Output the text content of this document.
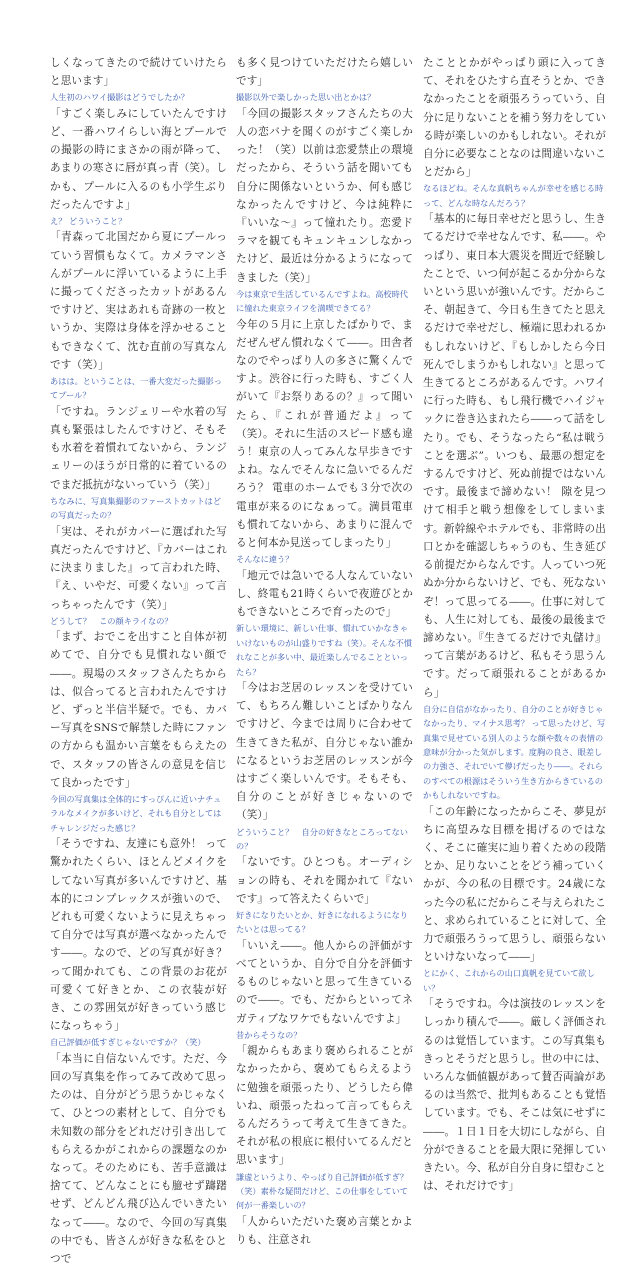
しくなってきたので続けていけたらと思います」

人生初のハワイ撮影はどうでしたか？

「すごく楽しみにしていたんですけど、一番ハワイらしい海とプールでの撮影の時にまさかの雨が降って、あまりの寒さに唇が真っ青（笑）。しかも、プールに入るのも小学生ぶりだったんですよ」

え？ どういうこと？

「青森って北国だから夏にプールっていう習慣もなくて。カメラマンさんがプールに浮いているように上手に撮ってくださったカットがあるんですけど、実はあれも奇跡の一枚というか、実際は身体を浮かせることもできなくて、沈む直前の写真なんです（笑）」

あはは。ということは、一番大変だった撮影ってプール？

「ですね。ランジェリーや水着の写真も緊張はしたんですけど、そもそも水着を着慣れてないから、ランジェリーのほうが日常的に着ているのでまだ抵抗がないっていう（笑）」

ちなみに、写真集撮影のファーストカットはどの写真だったの？

「実は、それがカバーに選ばれた写真だったんですけど、『カバーはこれに決まりました』って言われた時、『え、いやだ、可愛くない』って言っちゃったんです（笑）」

どうして？　この顔キライなの？

「まず、おでこを出すこと自体が初めてで、自分でも見慣れない顔で――。現場のスタッフさんたちからは、似合ってると言われたんですけど、ずっと半信半疑で。でも、カバー写真をSNSで解禁した時にファンの方からも温かい言葉をもらえたので、スタッフの皆さんの意見を信じて良かったです」

今回の写真集は全体的にすっぴんに近いナチュラルなメイクが多いけど、それも自分としてはチャレンジだった感じ？

「そうですね、友達にも意外！ って驚かれたくらい、ほとんどメイクをしてない写真が多いんですけど、基本的にコンプレックスが強いので、どれも可愛くないように見えちゃって自分では写真が選べなかったんです――。なので、どの写真が好き？ って聞かれても、この背景のお花が可愛くて好きとか、この衣装が好き、この雰囲気が好きっていう感じになっちゃう」

自己評価が低すぎじゃないですか？（笑）

「本当に自信ないんです。ただ、今回の写真集を作ってみて改めて思ったのは、自分がどう思うかじゃなくて、ひとつの素材として、自分でも未知数の部分をどれだけ引き出してもらえるかがこれからの課題なのかなって。そのためにも、苦手意識は捨てて、どんなことにも臆せず躊躇せず、どんどん飛び込んでいきたいなって――。なので、今回の写真集の中でも、皆さんが好きな私をひとつで

も多く見つけていただけたら嬉しいです」

撮影以外で楽しかった思い出とかは？

「今回の撮影スタッフさんたちの大人の恋バナを聞くのがすごく楽しかった！（笑）以前は恋愛禁止の環境だったから、そういう話を聞いても自分に関係ないというか、何も感じなかったんですけど、今は純粋に『いいな～』って憧れたり。恋愛ドラマを観てもキュンキュンしなかったけど、最近は分かるようになってきました（笑）」

今は東京で生活しているんですよね。高校時代に憧れた東京ライフを満喫できてる？

今年の５月に上京したばかりで、まだぜんぜん慣れなくて――。田舎者なのでやっぱり人の多さに驚くんですよ。渋谷に行った時も、すごく人がいて『お祭りあるの？』って聞いたら、『これが普通だよ』って（笑）。それに生活のスピード感も違う！東京の人ってみんな早歩きですよね。なんでそんなに急いでるんだろう？ 電車のホームでも３分で次の電車が来るのになぁって。満員電車も慣れてないから、あまりに混んでると何本か見送ってしまったり」

そんなに違う？

「地元では急いでる人なんていないし、終電も21時くらいで夜遊びとかもできないところで育ったので」

新しい環境に、新しい仕事、慣れていかなきゃいけないものが山盛りですね（笑）。そんな不慣れなことが多い中、最近楽しんでることといったら？

「今はお芝居のレッスンを受けていて、もちろん難しいことばかりなんですけど、今までは周りに合わせて生きてきた私が、自分じゃない誰かになるというお芝居のレッスンが今はすごく楽しいんです。そもそも、自分のことが好きじゃないので（笑）」

どういうこと？　自分の好きなところってないの？

「ないです。ひとつも。オーディションの時も、それを聞かれて『ないです』って答えたくらいで」

好きになりたいとか、好きになれるようになりたいとは思ってる？

「いいえ――。他人からの評価がすべてというか、自分で自分を評価するものじゃないと思って生きているので――。でも、だからといってネガティブなワケでもないんですよ」

昔からそうなの？

「親からもあまり褒められることがなかったから、褒めてもらえるように勉強を頑張ったり、どうしたら偉いね、頑張ったねって言ってもらえるんだろうって考えて生きてきた。それが私の根底に根付いてるんだと思います」

謙虚というより、やっぱり自己評価が低すぎ？（笑）素朴な疑問だけど、この仕事をしていて何が一番楽しいの？

「人からいただいた褒め言葉とかよりも、注意され

たこととかがやっぱり頭に入ってきて、それをひたすら直そうとか、できなかったことを頑張ろうっていう、自分に足りないことを補う努力をしている時が楽しいのかもしれない。それが自分に必要なことなのは間違いないことだから」

なるほどね。そんな真帆ちゃんが幸せを感じる時って、どんな時なんだろう？

「基本的に毎日幸せだと思うし、生きてるだけで幸せなんです、私――。やっぱり、東日本大震災を間近で経験したことで、いつ何が起こるか分からないという思いが強いんです。だからこそ、朝起きて、今日も生きてたと思えるだけで幸せだし、極端に思われるかもしれないけど、『もしかしたら今日死んでしまうかもしれない』と思って生きてるところがあるんです。ハワイに行った時も、もし飛行機でハイジャックに巻き込まれたら――って話をしたり。でも、そうなったら“私は戦うことを選ぶ”。いつも、最悪の想定をするんですけど、死ぬ前提ではないんです。最後まで諦めない！ 隙を見つけて相手と戦う想像をしてしまいます。新幹線やホテルでも、非常時の出口とかを確認しちゃうのも、生き延びる前提だからなんです。人っていつ死ぬか分からないけど、でも、死なないぞ！って思ってる――。仕事に対しても、人生に対しても、最後の最後まで諦めない。『生きてるだけで丸儲け』って言葉があるけど、私もそう思うんです。だって頑張れることがあるから」

自分に自信がなかったり、自分のことが好きじゃなかったり、マイナス思考？ って思ったけど、写真集で見せている別人のような顔や数々の表情の意味が分かった気がします。度胸の良さ、眼差しの力強さ、それでいて儚げだったり――。それらのすべての根源はそういう生き方からきているのかもしれないですね。

「この年齢になったからこそ、夢見がちに高望みな目標を掲げるのではなく、そこに確実に辿り着くための段階とか、足りないことをどう補っていくかが、今の私の目標です。24歳になった今の私にだからこそ与えられたこと、求められていることに対して、全力で頑張ろうって思うし、頑張らないといけないなって――」

とにかく、これからの山口真帆を見ていて欲しい？

「そうですね。今は演技のレッスンをしっかり積んで――。厳しく評価されるのは覚悟しています。この写真集もきっとそうだと思うし。世の中には、いろんな価値観があって賛否両論があるのは当然で、批判もあることも覚悟しています。でも、そこは気にせずに――。１日１日を大切にしながら、自分ができることを最大限に発揮していきたい。今、私が自分自身に望むことは、それだけです」
